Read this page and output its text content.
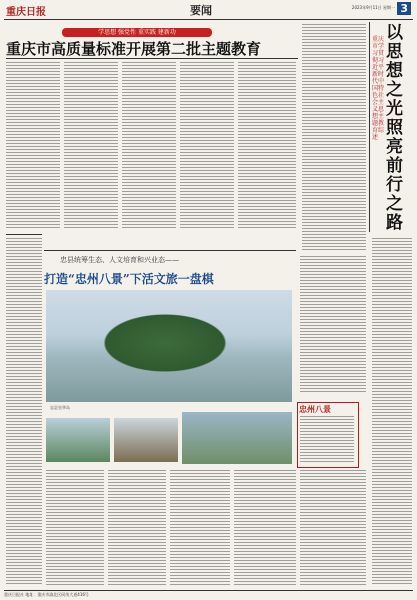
重庆日报	要闻	2023年9月11日 星期一 3
学思想 强党性 重实践 建新功
重庆市高质量标准开展第二批主题教育
重庆市学习贯彻习近平新时代中国特色社会主义思想主题教育综述
以思想之光照亮前行之路
忠县统筹生态、人文培育和兴业态——
打造“忠州八景”下活文旅一盘棋
忠县皇华岛	忠州八景
重庆日报社 地址：重庆市渝北区同茂大道416号
